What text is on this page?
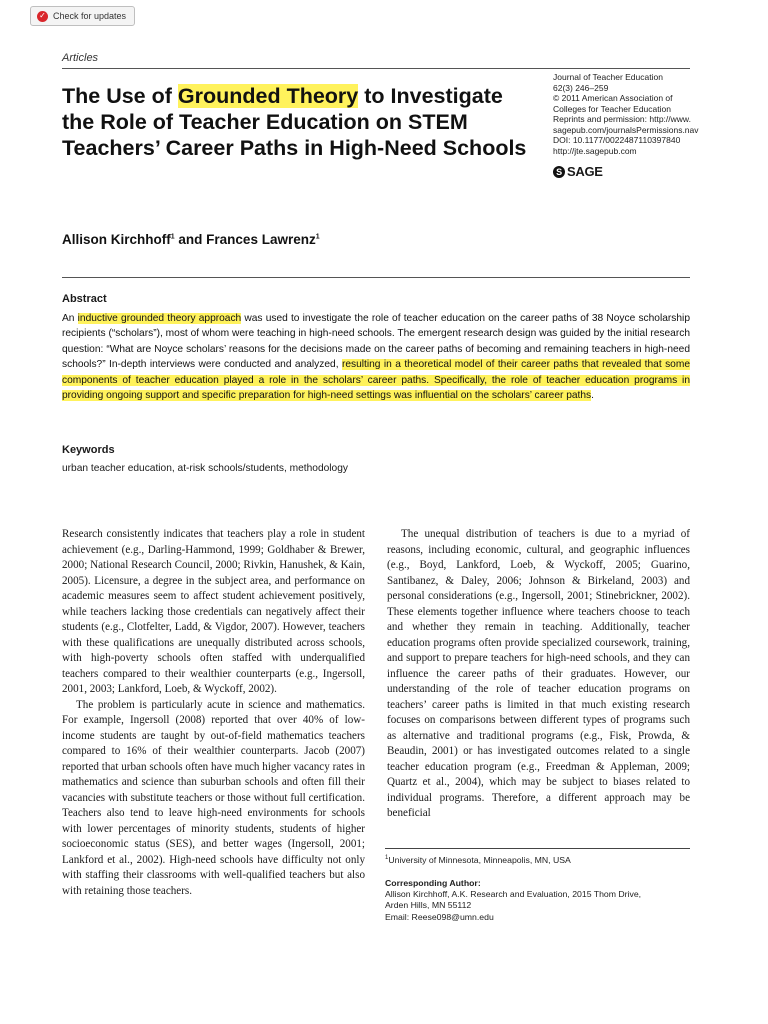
✓ Check for updates
Articles
The Use of Grounded Theory to Investigate the Role of Teacher Education on STEM Teachers’ Career Paths in High-Need Schools
Journal of Teacher Education
62(3) 246–259
© 2011 American Association of
Colleges for Teacher Education
Reprints and permission: http://www.
sagepub.com/journalsPermissions.nav
DOI: 10.1177/0022487110397840
http://jte.sagepub.com
S SAGE
Allison Kirchhoff$^1$ and Frances Lawrenz$^1$
Abstract

An inductive grounded theory approach was used to investigate the role of teacher education on the career paths of 38 Noyce scholarship recipients (“scholars”), most of whom were teaching in high-need schools. The emergent research design was guided by the initial research question: “What are Noyce scholars’ reasons for the decisions made on the career paths of becoming and remaining teachers in high-need schools?” In-depth interviews were conducted and analyzed, resulting in a theoretical model of their career paths that revealed that some components of teacher education played a role in the scholars’ career paths. Specifically, the role of teacher education programs in providing ongoing support and specific preparation for high-need settings was influential on the scholars’ career paths.

Keywords
urban teacher education, at-risk schools/students, methodology

Research consistently indicates that teachers play a role in student achievement (e.g., Darling-Hammond, 1999; Goldhaber & Brewer, 2000; National Research Council, 2000; Rivkin, Hanushek, & Kain, 2005). Licensure, a degree in the subject area, and performance on academic measures seem to affect student achievement positively, while teachers lacking those credentials can negatively affect their students (e.g., Clotfelter, Ladd, & Vigdor, 2007). However, teachers with these qualifications are unequally distributed across schools, with high-poverty schools often staffed with underqualified teachers compared to their wealthier counterparts (e.g., Ingersoll, 2001, 2003; Lankford, Loeb, & Wyckoff, 2002).

The problem is particularly acute in science and mathematics. For example, Ingersoll (2008) reported that over 40% of low-income students are taught by out-of-field mathematics teachers compared to 16% of their wealthier counterparts. Jacob (2007) reported that urban schools often have much higher vacancy rates in mathematics and science than suburban schools and often fill their vacancies with substitute teachers or those without full certification. Teachers also tend to leave high-need environments for schools with lower percentages of minority students, students of higher socioeconomic status (SES), and better wages (Ingersoll, 2001; Lankford et al., 2002). High-need schools have difficulty not only with staffing their classrooms with well-qualified teachers but also with retaining those teachers.

The unequal distribution of teachers is due to a myriad of reasons, including economic, cultural, and geographic influences (e.g., Boyd, Lankford, Loeb, & Wyckoff, 2005; Guarino, Santibanez, & Daley, 2006; Johnson & Birkeland, 2003) and personal considerations (e.g., Ingersoll, 2001; Stinebrickner, 2002). These elements together influence where teachers choose to teach and whether they remain in teaching. Additionally, teacher education programs often provide specialized coursework, training, and support to prepare teachers for high-need schools, and they can influence the career paths of their graduates. However, our understanding of the role of teacher education programs on teachers’ career paths is limited in that much existing research focuses on comparisons between different types of programs such as alternative and traditional programs (e.g., Fisk, Prowda, & Beaudin, 2001) or has investigated outcomes related to a single teacher education program (e.g., Freedman & Appleman, 2009; Quartz et al., 2004), which may be subject to biases related to individual programs. Therefore, a different approach may be beneficial

$^1$University of Minnesota, Minneapolis, MN, USA
Corresponding Author:
Allison Kirchhoff, A.K. Research and Evaluation, 2015 Thom Drive,
Arden Hills, MN 55112
Email: Reese098@umn.edu
